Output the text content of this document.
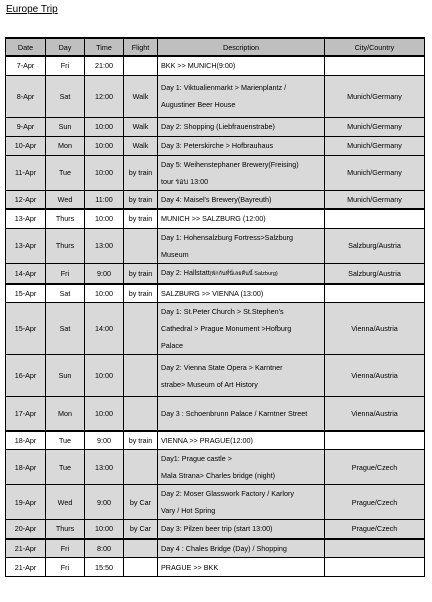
Europe Trip
Date	Day	Time	Flight	Description	City/Country
7-Apr	Fri	21:00		BKK >> MUNICH(9:00)	

8-Apr	Sat	12:00	Walk	Day 1: Viktualienmarkt > Marienplantz /
Augustiner Beer House	Munich/Germany
9-Apr	Sun	10:00	Walk	Day 2: Shopping (Liebfrauenstrabe)	Munich/Germany
10-Apr	Mon	10:00	Walk	Day 3: Peterskirche > Hofbrauhaus	Munich/Germany
11-Apr	Tue	10:00	by train	Day 5: Weihenstephaner Brewery(Freising)
tour รอบ 13:00	Munich/Germany
12-Apr	Wed	11:00	by train	Day 4: Maisel's Brewery(Bayreuth)	Munich/Germany
13-Apr	Thurs	10:00	by train	MUNICH >> SALZBURG (12:00)	

13-Apr	Thurs	13:00		Day 1: Hohensalzburg Fortress>Salzburg
Museum	Salzburg/Austria
14-Apr	Fri	9:00	by train	Day 2: Hallstatt(พักกันที่นี่เลยคืนนี้ Salzburg)	Salzburg/Austria
15-Apr	Sat	10:00	by train	SALZBURG >> VIENNA (13:00)	

15-Apr	Sat	14:00		Day 1: St.Peter Church > St.Stephen's
Cathedral > Prague Monument >Hofburg
Palace	Vienna/Austria
16-Apr	Sun	10:00		Day 2: Vienna State Opera > Karntner
strabe> Museum of Art History	Vienna/Austria
17-Apr	Mon	10:00		Day 3 : Schoenbrunn Palace / Karntner Street	Vienna/Austria
18-Apr	Tue	9:00	by train	VIENNA >> PRAGUE(12:00)	

18-Apr	Tue	13:00		Day1: Prague castle >
Mala Strana> Charles bridge (night)	Prague/Czech
19-Apr	Wed	9:00	by Car	Day 2: Moser Glasswork Factory / Karlory
Vary / Hot Spring	Prague/Czech
20-Apr	Thurs	10:00	by Car	Day 3: Pilzen beer trip (start 13:00)	Prague/Czech
21-Apr	Fri	8:00		Day 4 : Chales Bridge (Day) / Shopping	

21-Apr	Fri	15:50		PRAGUE >> BKK	
